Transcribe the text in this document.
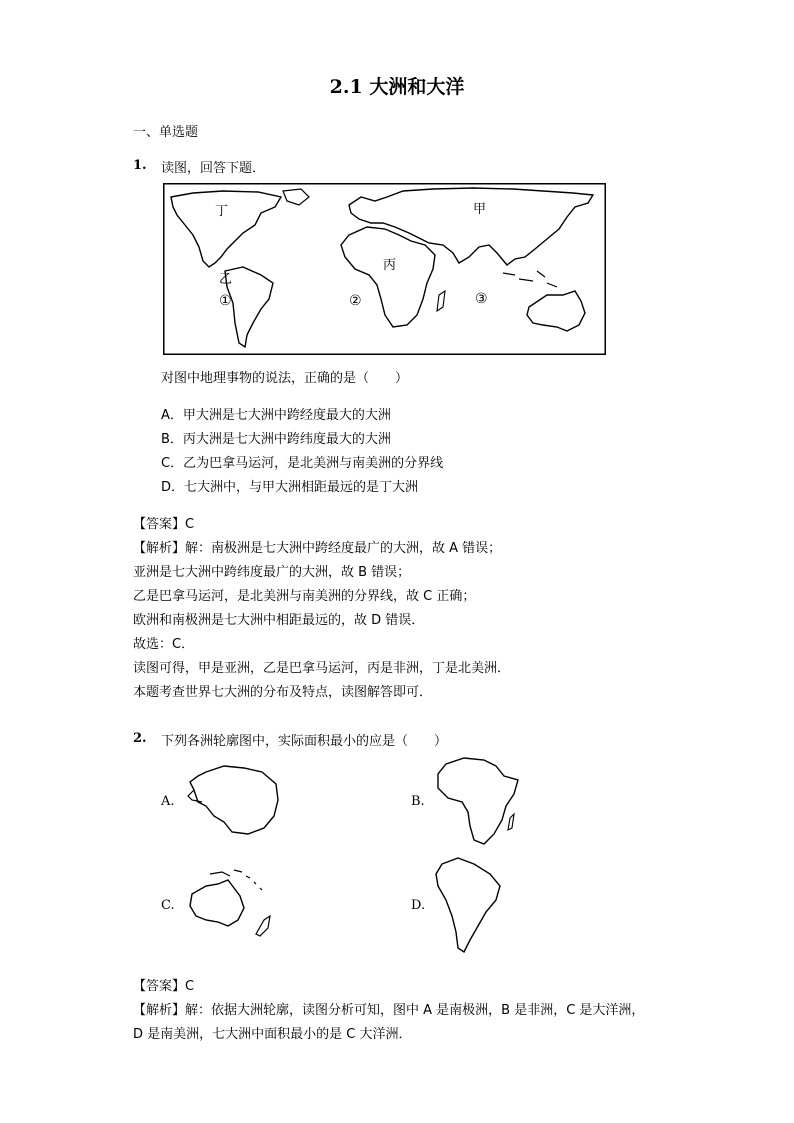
2.1 大洲和大洋
一、单选题
1. 读图，回答下题．
丁	甲
丙
乙
①	②	③
对图中地理事物的说法，正确的是（　　）
A．甲大洲是七大洲中跨经度最大的大洲
B．丙大洲是七大洲中跨纬度最大的大洲
C．乙为巴拿马运河，是北美洲与南美洲的分界线
D．七大洲中，与甲大洲相距最远的是丁大洲
【答案】C
【解析】解：南极洲是七大洲中跨经度最广的大洲，故 A 错误；
亚洲是七大洲中跨纬度最广的大洲，故 B 错误；
乙是巴拿马运河，是北美洲与南美洲的分界线，故 C 正确；
欧洲和南极洲是七大洲中相距最远的，故 D 错误．
故选：C．
读图可得，甲是亚洲，乙是巴拿马运河，丙是非洲，丁是北美洲．
本题考查世界七大洲的分布及特点，读图解答即可．
2. 下列各洲轮廓图中，实际面积最小的应是（　　）
A.	B.
C.	D.
【答案】C
【解析】解：依据大洲轮廓，读图分析可知，图中 A 是南极洲，B 是非洲，C 是大洋洲，
D 是南美洲，七大洲中面积最小的是 C 大洋洲．
